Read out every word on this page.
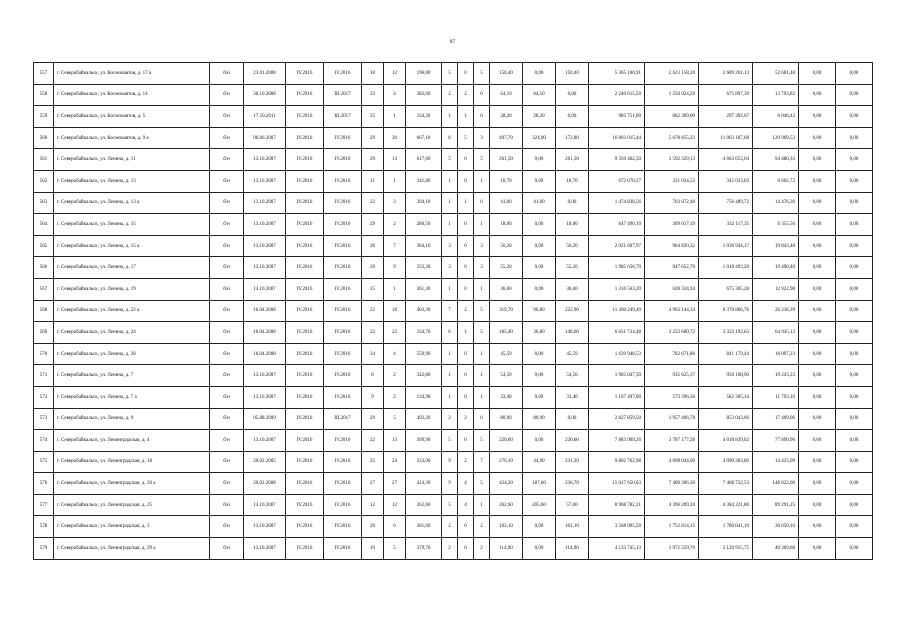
87
557	г. Северобайкальск, ул. Космонавтов, д. 17 а	б/н	23.01.2008	IV.2016	IV.2016	18	12	196,00	5	0	5	150,40	0,00	150,40	5 365 100,91	2 623 158,20	2 689 261,13	52 681,48	0,00	0,00
558	г. Северобайкальск, ул. Космонавтов, д. 14	б/н	30.10.2008	IV.2016	III.2017	33	4	382,60	2	2	0	64,10	64,10	0,00	2 240 615,50	1 550 924,29	675 897,39	13 793,82	0,00	0,00
559	г. Северобайкальск, ул. Космонавтов, д. 5	б/н	17.10.2011	IV.2016	III.2017	25	1	334,20	1	1	0	28,20	28,20	0,00	985 751,00	682 309,00	297 392,67	6 048,43	0,00	0,00
560	г. Северобайкальск, ул. Космонавтов, д. 9 а	б/н	06.06.2007	IV.2016	IV.2016	29	20	667,10	8	5	3	497,70	324,90	172,80	16 803 015,44	5 678 855,23	11 003 187,68	120 969,53	0,00	0,00
561	г. Северобайкальск, ул. Ленина, д. 11	б/н	13.10.2007	IV.2016	IV.2016	29	14	617,60	5	0	5	261,50	0,00	261,50	9 350 462,50	3 592 329,13	4 663 653,04	94 480,33	0,00	0,00
562	г. Северобайкальск, ул. Ленина, д. 13	б/н	13.10.2007	IV.2016	IV.2016	11	1	341,80	1	0	1	18,70	0,00	18,70	672 670,27	321 034,52	345 033,03	6 602,72	0,00	0,00
563	г. Северобайкальск, ул. Ленина, д. 13 а	б/н	13.10.2007	IV.2016	IV.2016	22	3	394,10	1	1	0	41,00	41,00	0,00	1 474 838,56	703 872,48	756 489,72	14 476,36	0,00	0,00
564	г. Северобайкальск, ул. Ленина, д. 15	б/н	13.10.2007	IV.2016	IV.2016	29	2	280,50	1	0	1	18,00	0,00	18,00	647 490,10	309 017,19	332 117,35	6 355,56	0,00	0,00
565	г. Северобайкальск, ул. Ленина, д. 15 а	б/н	13.10.2007	IV.2016	IV.2016	26	7	364,10	3	0	3	56,20	0,00	56,20	2 021 607,97	964 820,32	1 036 944,17	19 843,48	0,00	0,00
566	г. Северобайкальск, ул. Ленина, д. 17	б/н	13.10.2007	IV.2016	IV.2016	26	9	333,20	3	0	3	55,20	0,00	55,20	1 985 636,70	947 652,70	1 018 493,20	19 490,40	0,00	0,00
567	г. Северобайкальск, ул. Ленина, д. 19	б/н	13.10.2007	IV.2016	IV.2016	15	1	361,30	1	0	1	36,60	0,00	36,60	1 316 563,20	628 334,94	675 305,28	12 922,98	0,00	0,00
568	г. Северобайкальск, ул. Ленина, д. 22 а	б/н	16.04.2008	IV.2016	IV.2016	22	18	403,30	7	2	5	319,70	96,80	222,90	11 360 249,49	4 963 144,34	6 370 866,76	26 238,39	0,00	0,00
569	г. Северобайкальск, ул. Ленина, д. 24	б/н	16.04.2008	IV.2016	IV.2016	22	22	334,70	6	1	5	185,40	36,80	148,60	6 631 734,48	3 233 680,72	3 333 192,63	64 945,13	0,00	0,00
570	г. Северобайкальск, ул. Ленина, д. 28	б/н	16.04.2008	IV.2016	IV.2016	34	4	559,96	1	0	1	45,59	0,00	45,59	1 639 948,53	782 671,86	841 179,44	16 097,23	0,00	0,00
571	г. Северобайкальск, ул. Ленина, д. 7	б/н	13.10.2007	IV.2016	IV.2016	8	2	342,80	1	0	1	54,50	0,00	54,50	1 905 047,50	935 625,37	950 168,90	19 243,23	0,00	0,00
572	г. Северобайкальск, ул. Ленина, д. 7 а	б/н	13.10.2007	IV.2016	IV.2016	9	2	134,90	1	0	1	33,40	0,00	33,40	1 167 497,00	573 396,36	582 305,34	11 793,10	0,00	0,00
573	г. Северобайкальск, ул. Ленина, д. 9	б/н	05.08.2009	IV.2016	III.2017	29	5	493,20	2	2	0	80,90	80,90	0,00	2 827 859,50	1 957 406,78	853 043,66	17 409,06	0,00	0,00
574	г. Северобайкальск, ул. Ленинградская, д. 4	б/н	13.10.2007	IV.2016	IV.2016	22	13	309,90	5	0	5	220,60	0,00	220,60	7 883 909,26	3 787 177,28	4 018 839,02	77 890,96	0,00	0,00
575	г. Северобайкальск, ул. Ленинградская, д. 18	б/н	20.02.2005	IV.2016	IV.2016	25	24	333,00	9	2	7	276,10	44,90	231,20	9 802 762,98	4 698 044,00	4 090 283,89	14 435,09	0,00	0,00
576	г. Северобайкальск, ул. Ленинградская, д. 20 а	б/н	20.02.2008	IV.2016	IV.2016	27	27	424,30	9	4	5	424,30	187,60	236,70	15 017 650,83	7 400 396,30	7 468 732,53	148 622,00	0,00	0,00
577	г. Северобайкальск, ул. Ленинградская, д. 25	б/н	13.10.2007	IV.2016	IV.2016	12	12	262,60	5	4	1	262,60	205,60	57,00	8 968 782,31	4 396 209,20	4 384 221,86	89 291,25	0,00	0,00
578	г. Северобайкальск, ул. Ленинградская, д. 3	б/н	13.10.2007	IV.2016	IV.2016	20	6	301,60	2	0	2	102,10	0,00	102,10	3 568 905,50	1 752 814,15	1 780 041,19	36 050,16	0,00	0,00
579	г. Северобайкальск, ул. Ленинградская, д. 39 а	б/н	13.10.2007	IV.2016	IV.2016	19	5	379,70	2	0	2	114,90	0,00	114,90	4 133 745,13	1 972 559,70	2 120 915,75	40 369,68	0,00	0,00
